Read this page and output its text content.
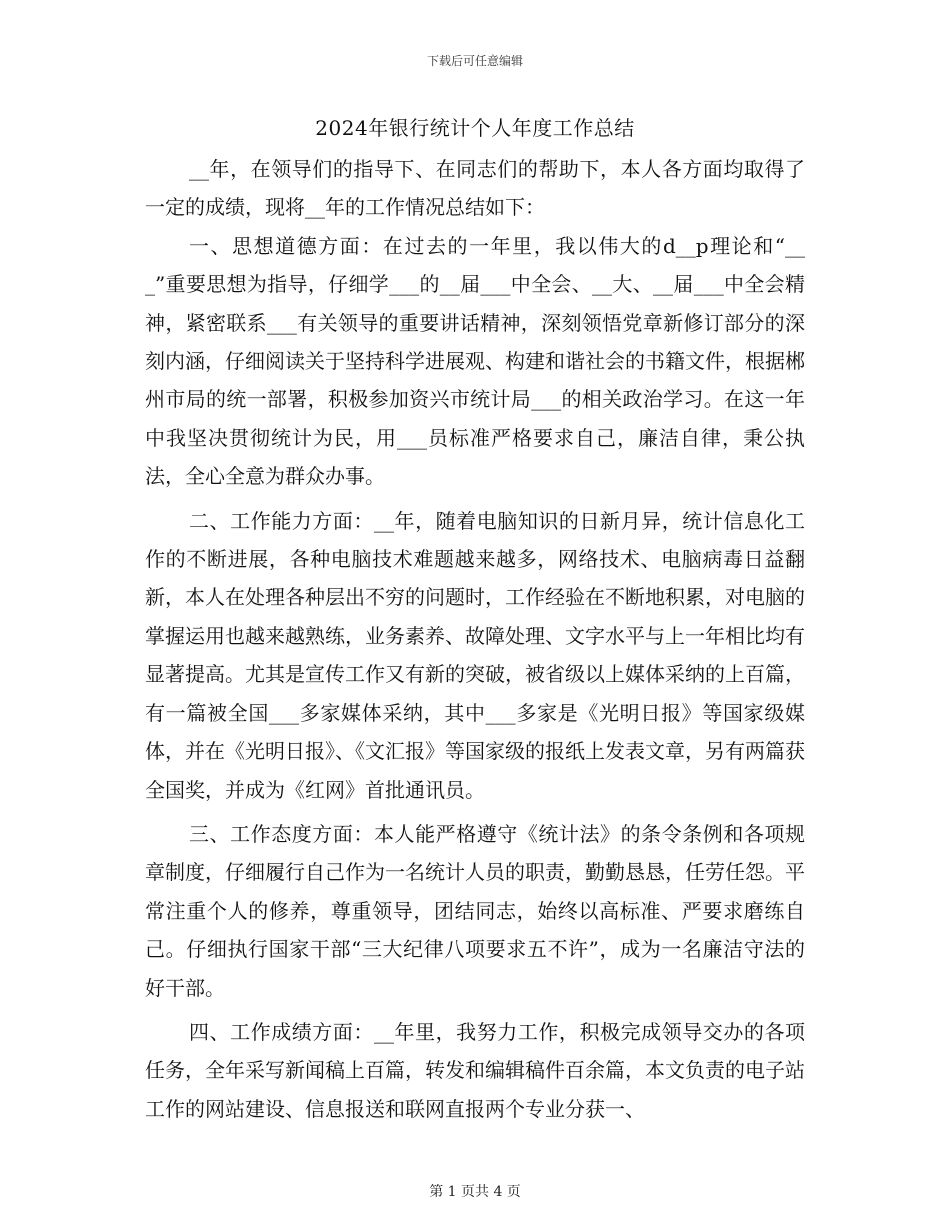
下载后可任意编辑
2024年银行统计个人年度工作总结

__年，在领导们的指导下、在同志们的帮助下，本人各方面均取得了一定的成绩，现将__年的工作情况总结如下：

一、思想道德方面：在过去的一年里，我以伟大的d__p理论和“___”重要思想为指导，仔细学___的__届___中全会、__大、__届___中全会精神，紧密联系___有关领导的重要讲话精神，深刻领悟党章新修订部分的深刻内涵，仔细阅读关于坚持科学进展观、构建和谐社会的书籍文件，根据郴州市局的统一部署，积极参加资兴市统计局___的相关政治学习。在这一年中我坚决贯彻统计为民，用___员标准严格要求自己，廉洁自律，秉公执法，全心全意为群众办事。

二、工作能力方面：__年，随着电脑知识的日新月异，统计信息化工作的不断进展，各种电脑技术难题越来越多，网络技术、电脑病毒日益翻新，本人在处理各种层出不穷的问题时，工作经验在不断地积累，对电脑的掌握运用也越来越熟练，业务素养、故障处理、文字水平与上一年相比均有显著提高。尤其是宣传工作又有新的突破，被省级以上媒体采纳的上百篇，有一篇被全国___多家媒体采纳，其中___多家是《光明日报》等国家级媒体，并在《光明日报》、《文汇报》等国家级的报纸上发表文章，另有两篇获全国奖，并成为《红网》首批通讯员。

三、工作态度方面：本人能严格遵守《统计法》的条令条例和各项规章制度，仔细履行自己作为一名统计人员的职责，勤勤恳恳，任劳任怨。平常注重个人的修养，尊重领导，团结同志，始终以高标准、严要求磨练自己。仔细执行国家干部“三大纪律八项要求五不许”，成为一名廉洁守法的好干部。

四、工作成绩方面：__年里，我努力工作，积极完成领导交办的各项任务，全年采写新闻稿上百篇，转发和编辑稿件百余篇，本文负责的电子站工作的网站建设、信息报送和联网直报两个专业分获一、

第 1 页共 4 页
